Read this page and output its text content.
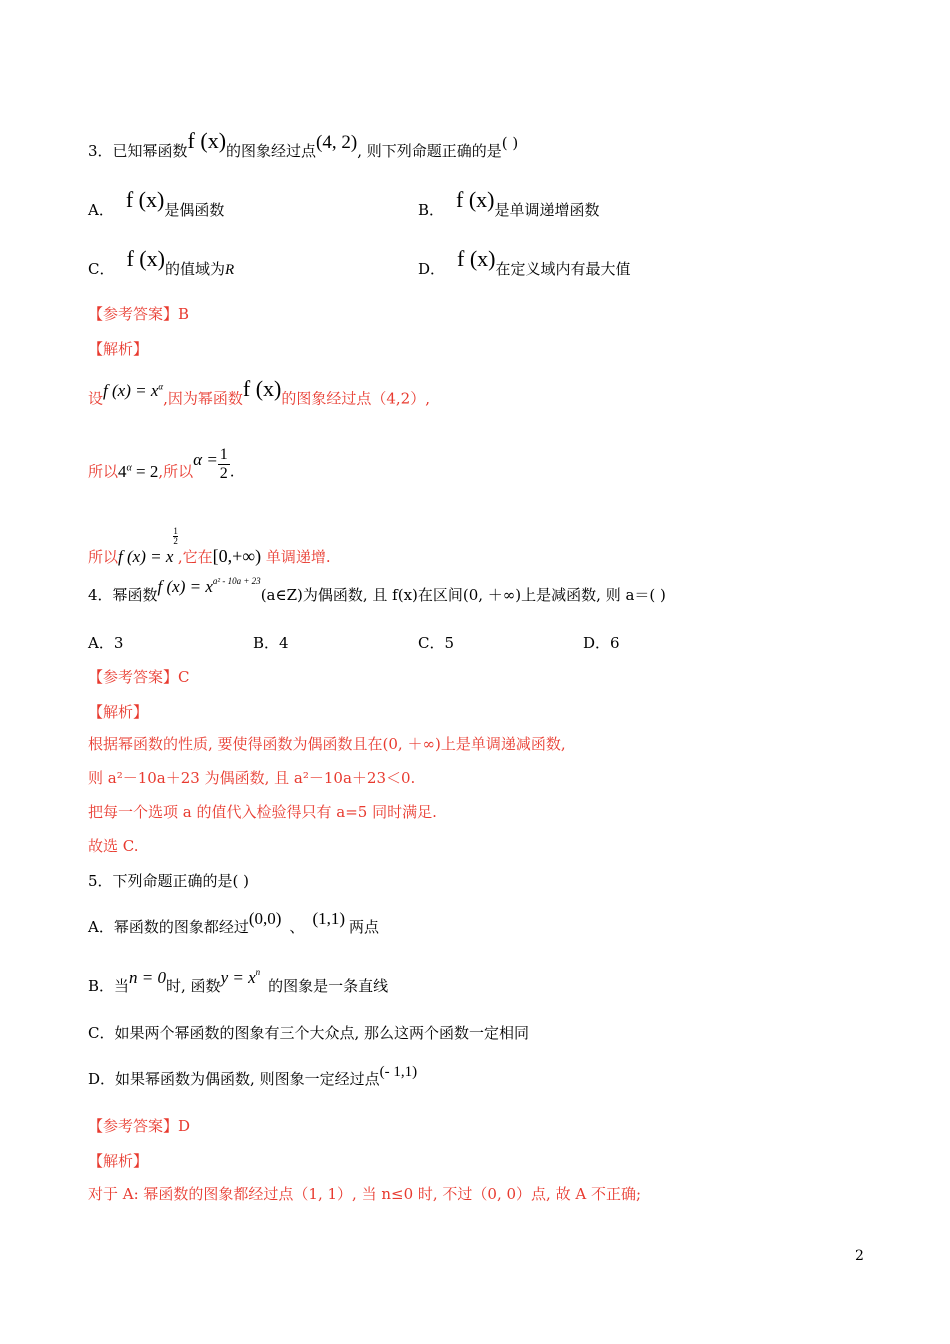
3．已知幂函数f (x)的图象经过点(4, 2), 则下列命题正确的是( )
A． f (x)是偶函数	B． f (x)是单调递增函数
C． f (x)的值域为R	D． f (x)在定义域内有最大值
【参考答案】B
【解析】
设f $(x) = x^\alpha$,因为幂函数f (x)的图象经过点（4,2）,
所以$4^\alpha = 2$,所以$\alpha = \frac{1}{2}$ .
所以f (x) = x
$\frac{1}{2}$
,它在[0,+∞) 单调递增.
4．幂函数f $(x) = x^{a^2 - 10a + 23}(a\in Z)$为偶函数, 且 f(x)在区间(0, ＋∞)上是减函数, 则 a＝( )
A．3	B．4	C．5	D．6
【参考答案】C
【解析】
根据幂函数的性质, 要使得函数为偶函数且在(0, ＋∞)上是单调递减函数,
则 a²－10a＋23 为偶函数, 且 a²－10a＋23＜0.
把每一个选项 a 的值代入检验得只有 a=5 同时满足.
故选 C.
5．下列命题正确的是( )
A．幂函数的图象都经过(0,0) 、 (1,1) 两点
B．当n = 0时, 函数$y = x^n$的图象是一条直线
C．如果两个幂函数的图象有三个大众点, 那么这两个函数一定相同
D．如果幂函数为偶函数, 则图象一定经过点(- 1,1)
【参考答案】D
【解析】
对于 A: 幂函数的图象都经过点（1, 1）, 当 n≤0 时, 不过（0, 0）点, 故 A 不正确;
2
